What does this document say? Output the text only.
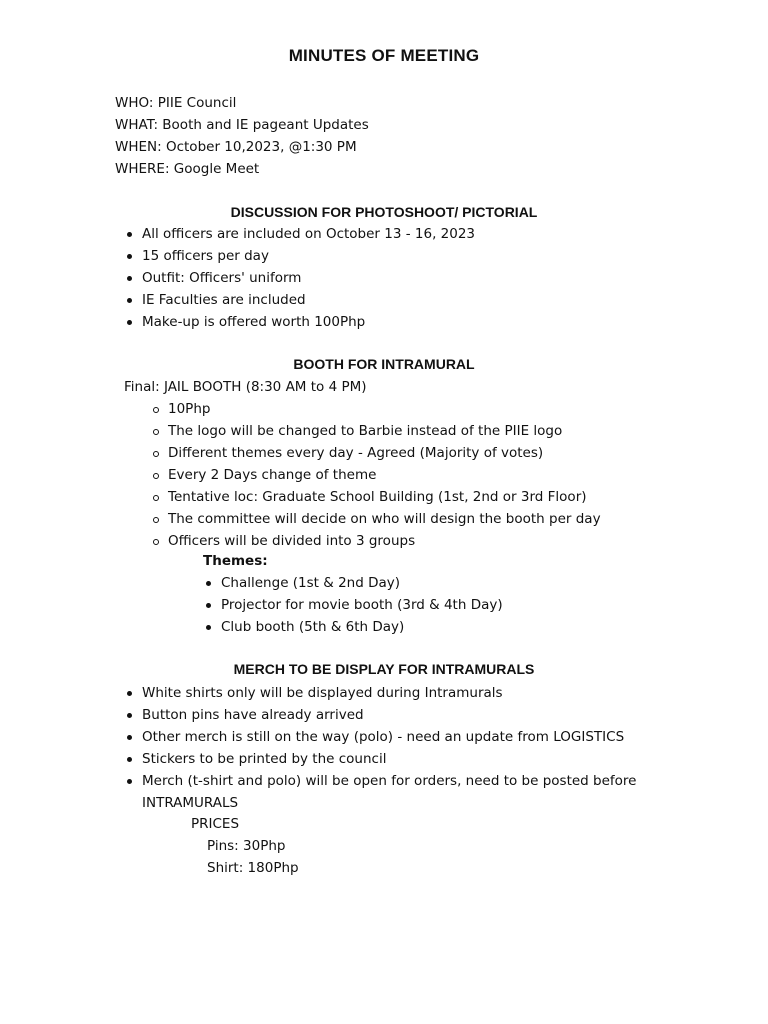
MINUTES OF MEETING
WHO: PIIE Council
WHAT: Booth and IE pageant Updates
WHEN: October 10,2023, @1:30 PM
WHERE: Google Meet
DISCUSSION FOR PHOTOSHOOT/ PICTORIAL
All officers are included on October 13 - 16, 2023
15 officers per day
Outfit: Officers' uniform
IE Faculties are included
Make-up is offered worth 100Php
BOOTH FOR INTRAMURAL
Final: JAIL BOOTH (8:30 AM to 4 PM)
10Php
The logo will be changed to Barbie instead of the PIIE logo
Different themes every day - Agreed (Majority of votes)
Every 2 Days change of theme
Tentative loc: Graduate School Building (1st, 2nd or 3rd Floor)
The committee will decide on who will design the booth per day
Officers will be divided into 3 groups
Themes:
Challenge (1st & 2nd Day)
Projector for movie booth (3rd & 4th Day)
Club booth (5th & 6th Day)
MERCH TO BE DISPLAY FOR INTRAMURALS
White shirts only will be displayed during Intramurals
Button pins have already arrived
Other merch is still on the way (polo) - need an update from LOGISTICS
Stickers to be printed by the council
Merch (t-shirt and polo) will be open for orders, need to be posted before INTRAMURALS
PRICES
Pins: 30Php
Shirt: 180Php
